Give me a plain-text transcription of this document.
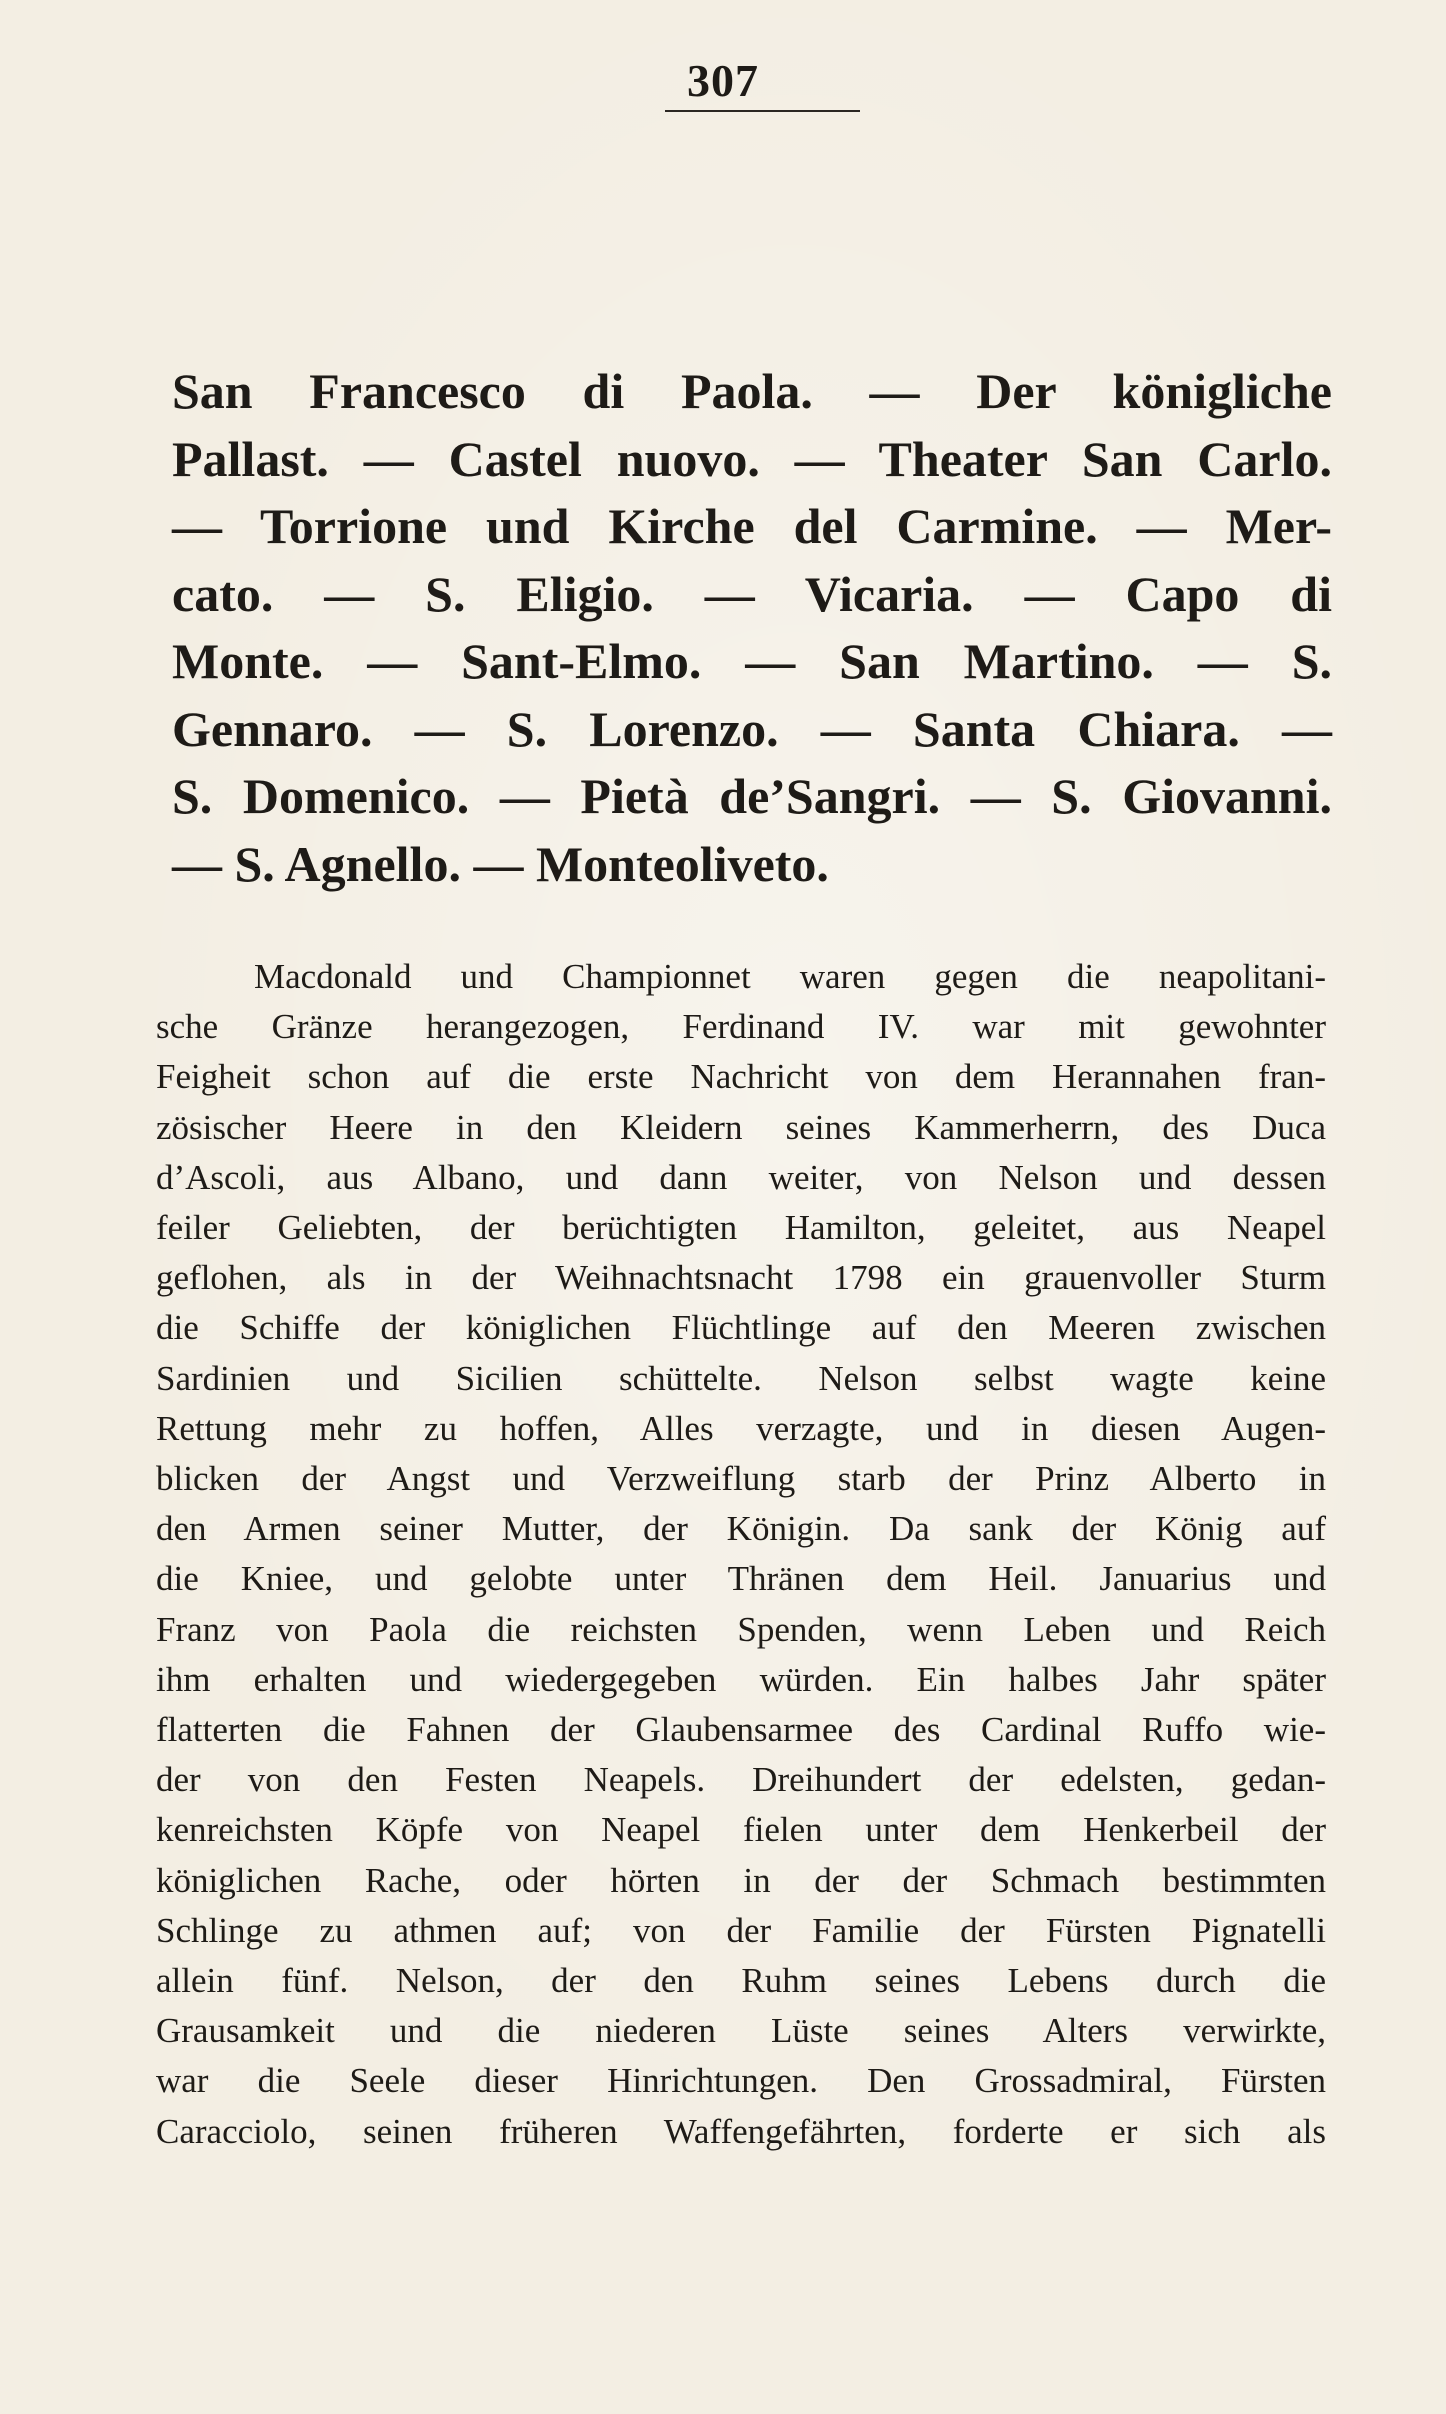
307
San Francesco di Paola. — Der königliche
Pallast. — Castel nuovo. — Theater San Carlo.
— Torrione und Kirche del Carmine. — Mer-
cato. — S. Eligio. — Vicaria. — Capo di
Monte. — Sant-Elmo. — San Martino. — S.
Gennaro. — S. Lorenzo. — Santa Chiara. —
S. Domenico. — Pietà de’Sangri. — S. Giovanni.
— S. Agnello. — Monteoliveto.

Macdonald und Championnet waren gegen die neapolitani-
sche Gränze herangezogen, Ferdinand IV. war mit gewohnter
Feigheit schon auf die erste Nachricht von dem Herannahen fran-
zösischer Heere in den Kleidern seines Kammerherrn, des Duca
d’Ascoli, aus Albano, und dann weiter, von Nelson und dessen
feiler Geliebten, der berüchtigten Hamilton, geleitet, aus Neapel
geflohen, als in der Weihnachtsnacht 1798 ein grauenvoller Sturm
die Schiffe der königlichen Flüchtlinge auf den Meeren zwischen
Sardinien und Sicilien schüttelte. Nelson selbst wagte keine
Rettung mehr zu hoffen, Alles verzagte, und in diesen Augen-
blicken der Angst und Verzweiflung starb der Prinz Alberto in
den Armen seiner Mutter, der Königin. Da sank der König auf
die Kniee, und gelobte unter Thränen dem Heil. Januarius und
Franz von Paola die reichsten Spenden, wenn Leben und Reich
ihm erhalten und wiedergegeben würden. Ein halbes Jahr später
flatterten die Fahnen der Glaubensarmee des Cardinal Ruffo wie-
der von den Festen Neapels. Dreihundert der edelsten, gedan-
kenreichsten Köpfe von Neapel fielen unter dem Henkerbeil der
königlichen Rache, oder hörten in der der Schmach bestimmten
Schlinge zu athmen auf; von der Familie der Fürsten Pignatelli
allein fünf. Nelson, der den Ruhm seines Lebens durch die
Grausamkeit und die niederen Lüste seines Alters verwirkte,
war die Seele dieser Hinrichtungen. Den Grossadmiral, Fürsten
Caracciolo, seinen früheren Waffengefährten, forderte er sich als
